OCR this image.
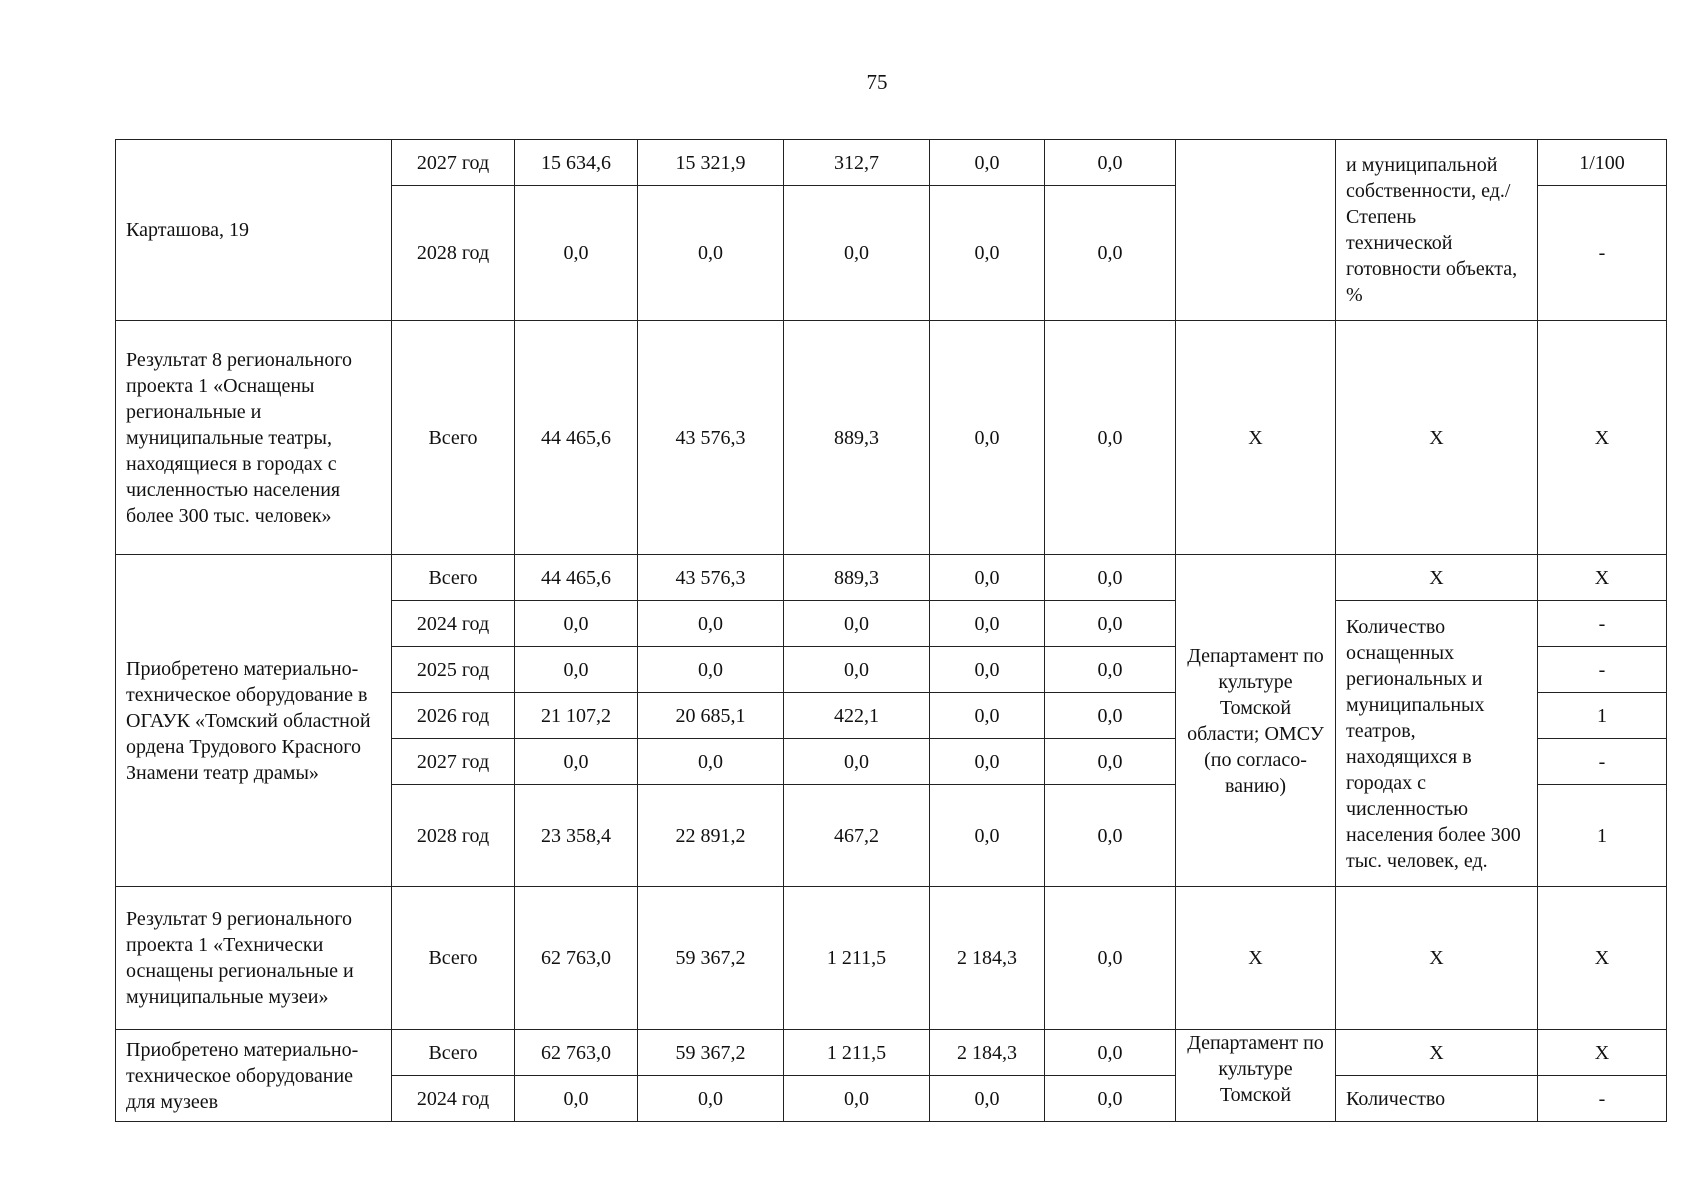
75
Карташова, 19	2027 год	15 634,6	15 321,9	312,7	0,0	0,0		и муниципальной собственности, ед./ Степень технической готовности объекта, %	1/100
	2028 год	0,0	0,0	0,0	0,0	0,0			-
Результат 8 регионального проекта 1 «Оснащены региональные и муниципальные театры, находящиеся в городах с численностью населения более 300 тыс. человек»	Всего	44 465,6	43 576,3	889,3	0,0	0,0	Х	Х	Х
Приобретено материально-техническое оборудование в ОГАУК «Томский областной ордена Трудового Красного Знамени театр драмы»	Всего	44 465,6	43 576,3	889,3	0,0	0,0	Департамент по культуре Томской области; ОМСУ (по согласо- ванию)	Х	Х
	2024 год	0,0	0,0	0,0	0,0	0,0		Количество оснащенных региональных и муниципальных театров, находящихся в городах с численностью населения более 300 тыс. человек, ед.	-
	2025 год	0,0	0,0	0,0	0,0	0,0			-
	2026 год	21 107,2	20 685,1	422,1	0,0	0,0			1
	2027 год	0,0	0,0	0,0	0,0	0,0			-
	2028 год	23 358,4	22 891,2	467,2	0,0	0,0			1
Результат 9 регионального проекта 1 «Технически оснащены региональные и муниципальные музеи»	Всего	62 763,0	59 367,2	1 211,5	2 184,3	0,0	Х	Х	Х
Приобретено материально-техническое оборудование для музеев	Всего	62 763,0	59 367,2	1 211,5	2 184,3	0,0	Департамент по культуре Томской	Х	Х
	2024 год	0,0	0,0	0,0	0,0	0,0		Количество	-
